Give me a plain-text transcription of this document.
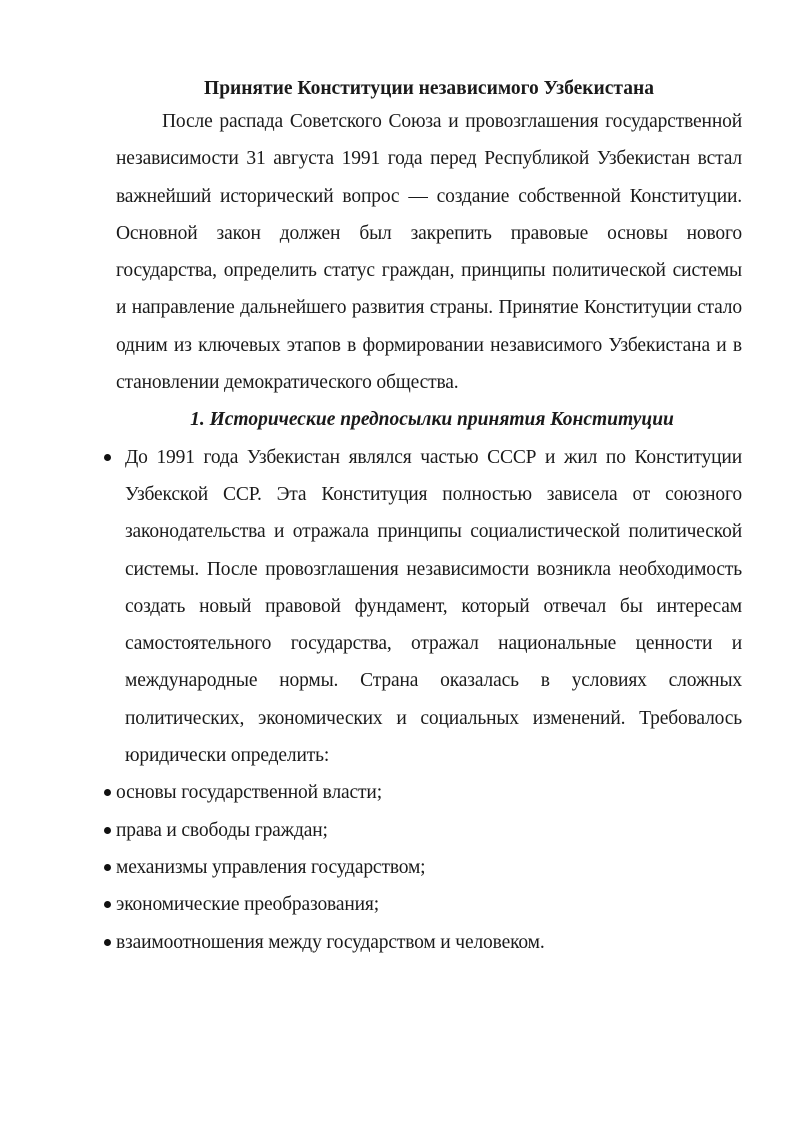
Принятие Конституции независимого Узбекистана

После распада Советского Союза и провозглашения государственной независимости 31 августа 1991 года перед Республикой Узбекистан встал важнейший исторический вопрос — создание собственной Конституции. Основной закон должен был закрепить правовые основы нового государства, определить статус граждан, принципы политической системы и направление дальнейшего развития страны. Принятие Конституции стало одним из ключевых этапов в формировании независимого Узбекистана и в становлении демократического общества.

1. Исторические предпосылки принятия Конституции
До 1991 года Узбекистан являлся частью СССР и жил по Конституции Узбекской ССР. Эта Конституция полностью зависела от союзного законодательства и отражала принципы социалистической политической системы. После провозглашения независимости возникла необходимость создать новый правовой фундамент, который отвечал бы интересам самостоятельного государства, отражал национальные ценности и международные нормы. Страна оказалась в условиях сложных политических, экономических и социальных изменений. Требовалось юридически определить:
основы государственной власти;
права и свободы граждан;
механизмы управления государством;
экономические преобразования;
взаимоотношения между государством и человеком.
